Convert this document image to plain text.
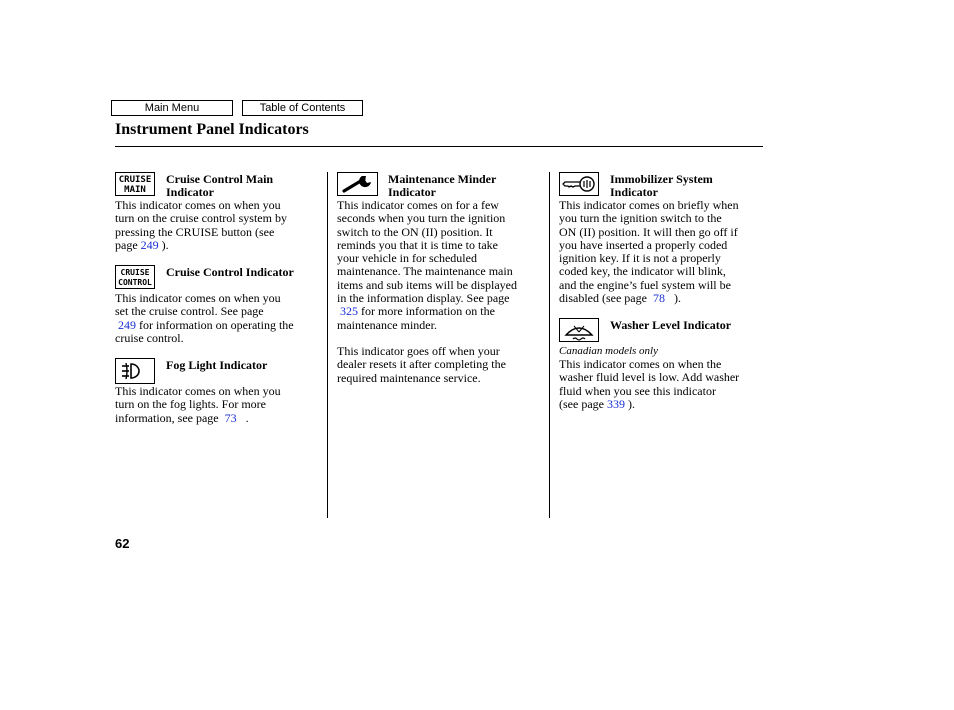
Main Menu	Table of Contents
Instrument Panel Indicators
CRUISE
MAIN
Cruise Control Main
Indicator
This indicator comes on when you
turn on the cruise control system by
pressing the CRUISE button (see
page 249 ).
CRUISE
CONTROL
Cruise Control Indicator
This indicator comes on when you
set the cruise control. See page
249 for information on operating the
cruise control.
Fog Light Indicator
This indicator comes on when you
turn on the fog lights. For more
information, see page 73 .
Maintenance Minder
Indicator
This indicator comes on for a few
seconds when you turn the ignition
switch to the ON (II) position. It
reminds you that it is time to take
your vehicle in for scheduled
maintenance. The maintenance main
items and sub items will be displayed
in the information display. See page
325 for more information on the
maintenance minder.
This indicator goes off when your
dealer resets it after completing the
required maintenance service.
Immobilizer System
Indicator
This indicator comes on briefly when
you turn the ignition switch to the
ON (II) position. It will then go off if
you have inserted a properly coded
ignition key. If it is not a properly
coded key, the indicator will blink,
and the engine’s fuel system will be
disabled (see page 78 ).
Washer Level Indicator
Canadian models only
This indicator comes on when the
washer fluid level is low. Add washer
fluid when you see this indicator
(see page 339 ).
62
